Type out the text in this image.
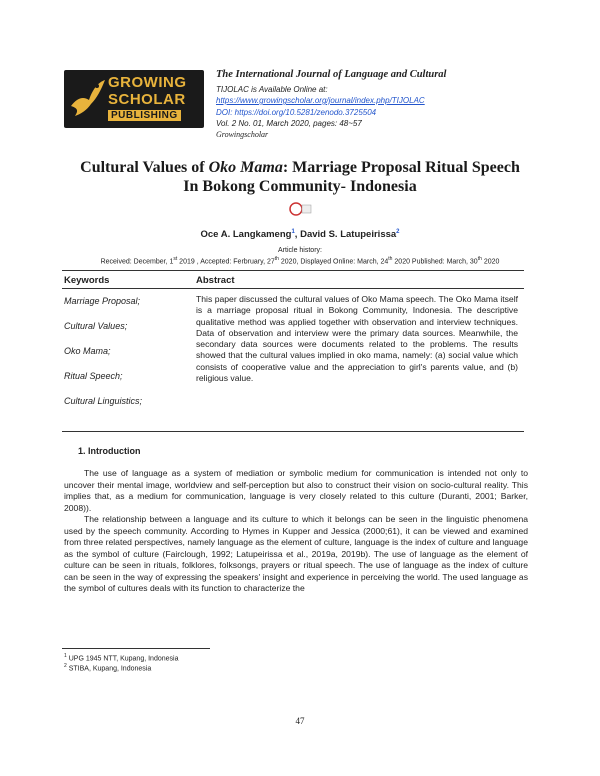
GROWING
SCHOLAR
PUBLISHING
The International Journal of Language and Cultural
TIJOLAC is Available Online at:
https://www.growingscholar.org/journal/index.php/TIJOLAC
DOI: https://doi.org/10.5281/zenodo.3725504
Vol. 2 No. 01, March 2020, pages: 48~57
Growingscholar
Cultural Values of Oko Mama: Marriage Proposal Ritual Speech
In Bokong Community- Indonesia
Oce A. Langkameng$^1$, David S. Latupeirissa$^2$
Article history:
Received: December, 1st 2019 , Accepted: Ferbruary, 27th 2020, Displayed Online: March, 24th 2020 Published: March, 30th 2020
Keywords	Abstract
Marriage Proposal;
Cultural Values;
Oko Mama;
Ritual Speech;
Cultural Linguistics;
This paper discussed the cultural values of Oko Mama speech. The Oko Mama itself is a marriage proposal ritual in Bokong Community, Indonesia. The descriptive qualitative method was applied together with observation and interview techniques. Data of observation and interview were the primary data sources. Meanwhile, the secondary data sources were documents related to the problems. The results showed that the cultural values implied in oko mama, namely: (a) social value which consists of cooperative value and the appreciation to girl's parents value, and (b) religious value.
1. Introduction

The use of language as a system of mediation or symbolic medium for communication is intended not only to uncover their mental image, worldview and self-perception but also to construct their vision on socio-cultural reality. This implies that, as a medium for communication, language is very closely related to this culture (Duranti, 2001; Barker, 2008)).

The relationship between a language and its culture to which it belongs can be seen in the linguistic phenomena used by the speech community. According to Hymes in Kupper and Jessica (2000;61), it can be viewed and examined from three related perspectives, namely language as the element of culture, language is the index of culture and language as the symbol of culture (Fairclough, 1992; Latupeirissa et al., 2019a, 2019b). The use of language as the element of culture can be seen in rituals, folklores, folksongs, prayers or ritual speech. The use of language as the index of culture can be seen in the way of expressing the speakers' insight and experience in perceiving the world. The used language as the symbol of cultures deals with its function to characterize the

$^1$ UPG 1945 NTT, Kupang, Indonesia
$^2$ STIBA, Kupang, Indonesia
47
